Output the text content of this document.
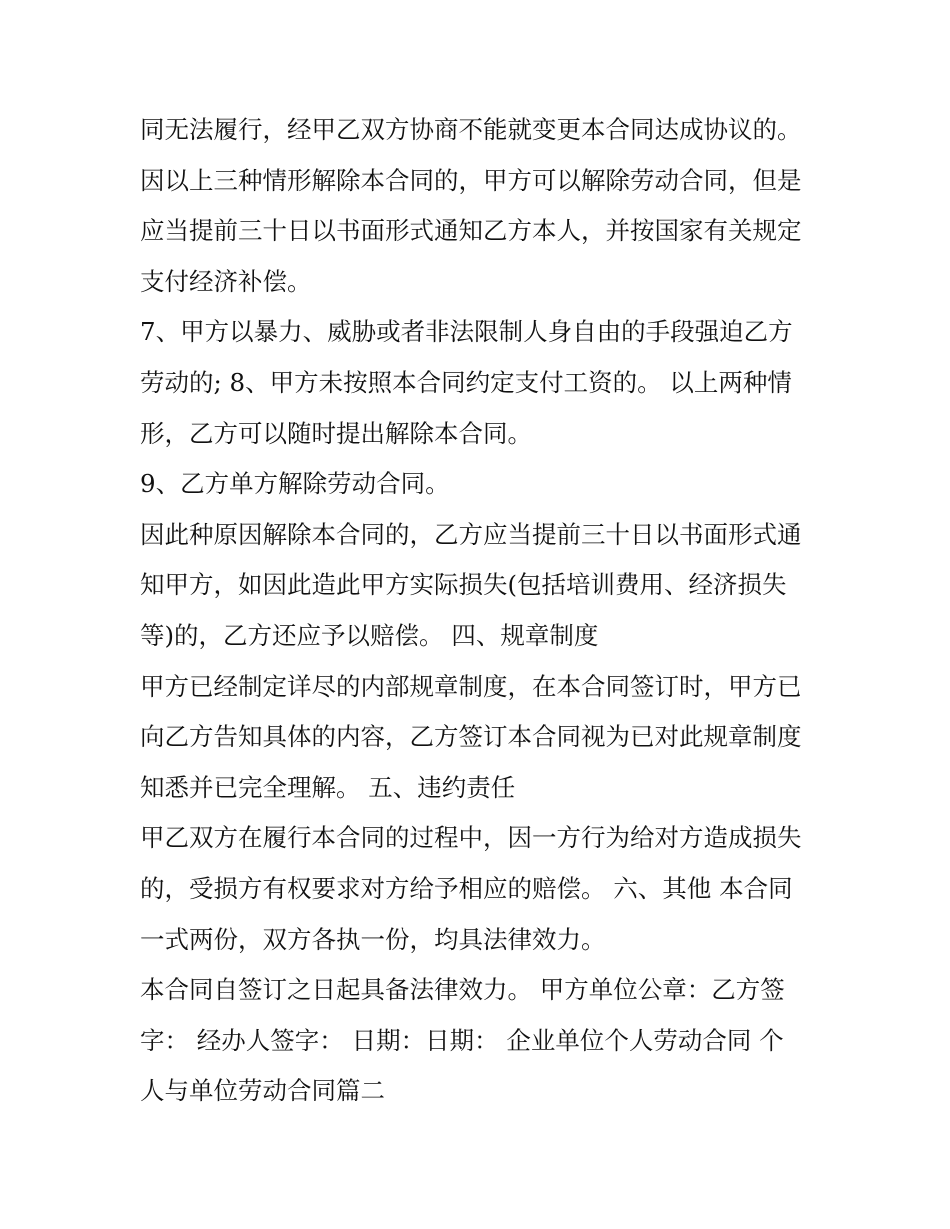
同无法履行，经甲乙双方协商不能就变更本合同达成协议的。
因以上三种情形解除本合同的，甲方可以解除劳动合同，但是
应当提前三十日以书面形式通知乙方本人，并按国家有关规定
支付经济补偿。
7、甲方以暴力、威胁或者非法限制人身自由的手段强迫乙方
劳动的; 8、甲方未按照本合同约定支付工资的。 以上两种情
形，乙方可以随时提出解除本合同。
9、乙方单方解除劳动合同。
因此种原因解除本合同的，乙方应当提前三十日以书面形式通
知甲方，如因此造此甲方实际损失(包括培训费用、经济损失
等)的，乙方还应予以赔偿。 四、规章制度
甲方已经制定详尽的内部规章制度，在本合同签订时，甲方已
向乙方告知具体的内容，乙方签订本合同视为已对此规章制度
知悉并已完全理解。 五、违约责任
甲乙双方在履行本合同的过程中，因一方行为给对方造成损失
的，受损方有权要求对方给予相应的赔偿。 六、其他 本合同
一式两份，双方各执一份，均具法律效力。
本合同自签订之日起具备法律效力。 甲方单位公章：乙方签
字： 经办人签字： 日期：日期： 企业单位个人劳动合同 个
人与单位劳动合同篇二
